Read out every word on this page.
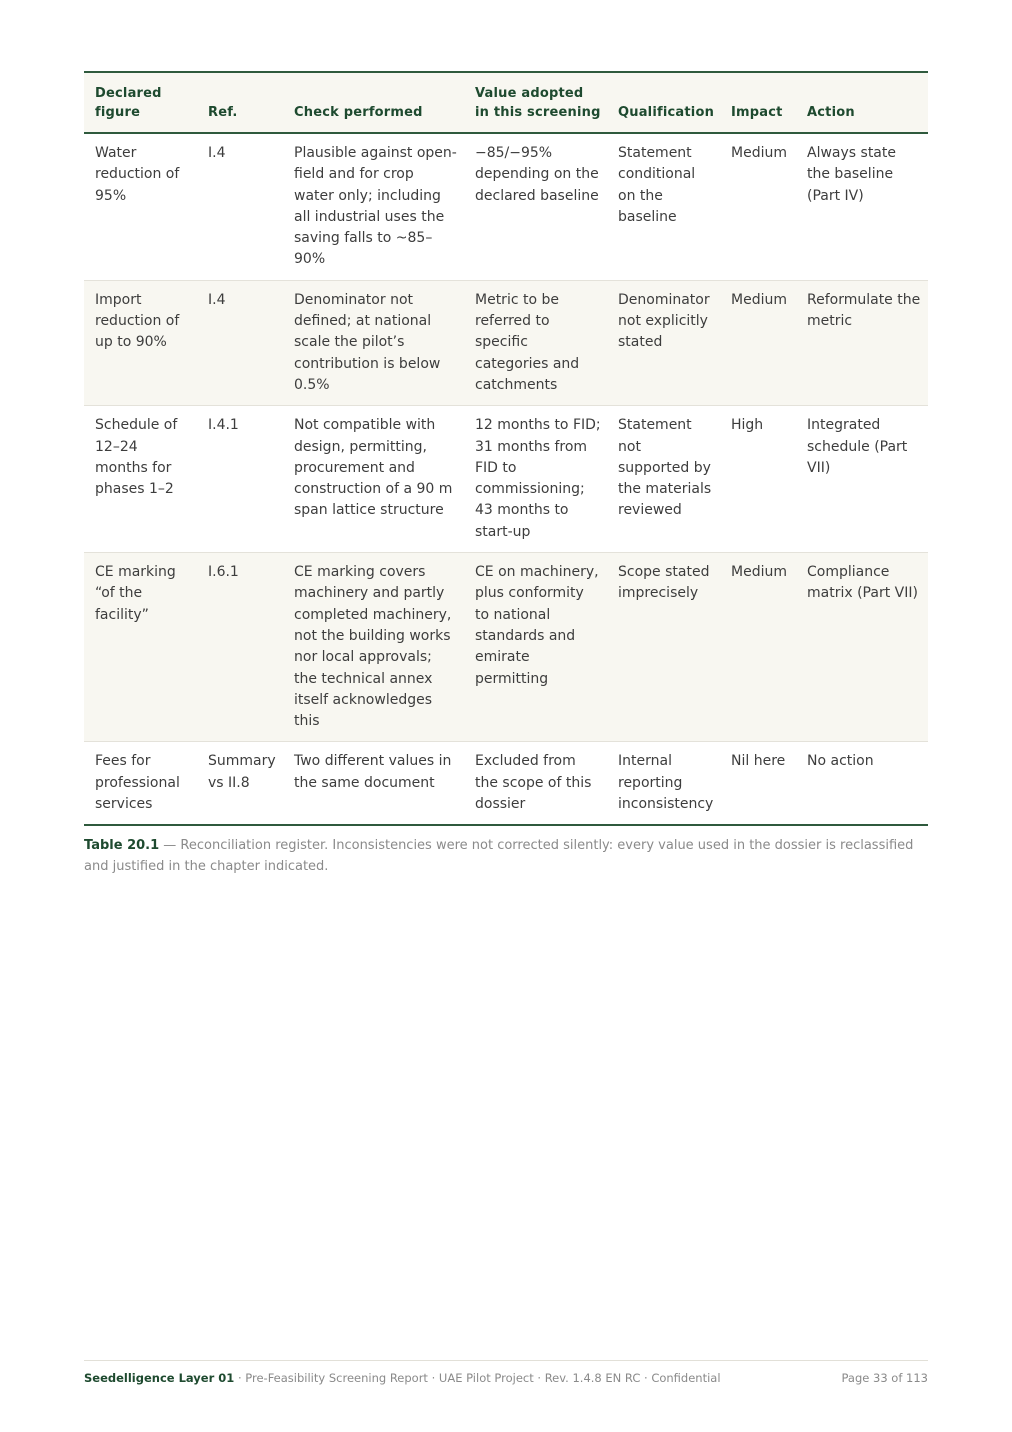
Declared figure	Ref.	Check performed	Value adopted in this screening	Qualification	Impact	Action
Water reduction of 95%	I.4	Plausible against open-field and for crop water only; including all industrial uses the saving falls to ~85–90%	−85/−95% depending on the declared baseline	Statement conditional on the baseline	Medium	Always state the baseline (Part IV)
Import reduction of up to 90%	I.4	Denominator not defined; at national scale the pilot’s contribution is below 0.5%	Metric to be referred to specific categories and catchments	Denominator not explicitly stated	Medium	Reformulate the metric
Schedule of 12–24 months for phases 1–2	I.4.1	Not compatible with design, permitting, procurement and construction of a 90 m span lattice structure	12 months to FID; 31 months from FID to commissioning; 43 months to start-up	Statement not supported by the materials reviewed	High	Integrated schedule (Part VII)
CE marking “of the facility”	I.6.1	CE marking covers machinery and partly completed machinery, not the building works nor local approvals; the technical annex itself acknowledges this	CE on machinery, plus conformity to national standards and emirate permitting	Scope stated imprecisely	Medium	Compliance matrix (Part VII)
Fees for professional services	Summary vs II.8	Two different values in the same document	Excluded from the scope of this dossier	Internal reporting inconsistency	Nil here	No action
Table 20.1 — Reconciliation register. Inconsistencies were not corrected silently: every value used in the dossier is reclassified and justified in the chapter indicated.
Seedelligence Layer 01 · Pre-Feasibility Screening Report · UAE Pilot Project · Rev. 1.4.8 EN RC · Confidential	Page 33 of 113
